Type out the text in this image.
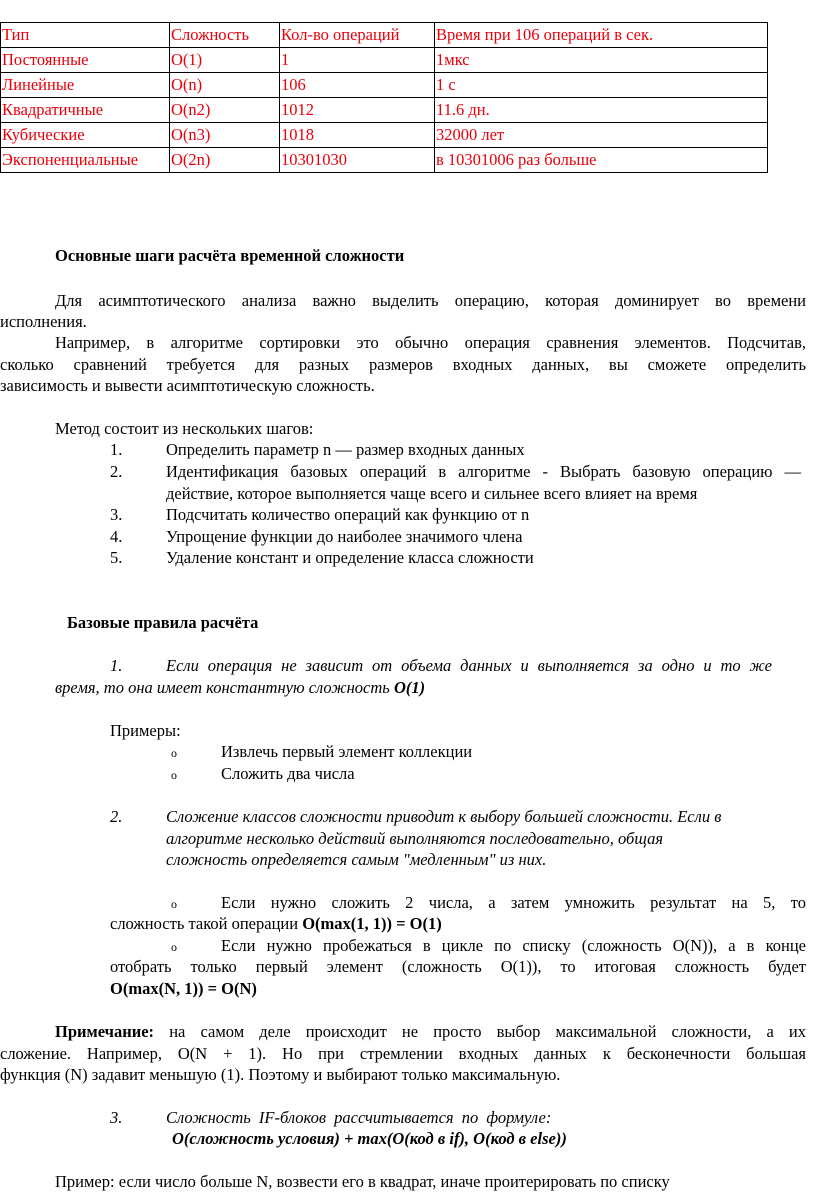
Тип	Сложность	Кол-во операций	Время при 106 операций в сек.
Постоянные	O(1)	1	1мкс
Линейные	O(n)	106	1 с
Квадратичные	O(n2)	1012	11.6 дн.
Кубические	O(n3)	1018	32000 лет
Экспоненциальные	O(2n)	10301030	в 10301006 раз больше
Основные шаги расчёта временной сложности
Для асимптотического анализа важно выделить операцию, которая доминирует во времени
исполнения.
Например, в алгоритме сортировки это обычно операция сравнения элементов. Подсчитав,
сколько сравнений требуется для разных размеров входных данных, вы сможете определить
зависимость и вывести асимптотическую сложность.
Метод состоит из нескольких шагов:
1.	Определить параметр n — размер входных данных
2.	Идентификация базовых операций в алгоритме - Выбрать базовую операцию —
действие, которое выполняется чаще всего и сильнее всего влияет на время
3.	Подсчитать количество операций как функцию от n
4.	Упрощение функции до наиболее значимого члена
5.	Удаление констант и определение класса сложности
Базовые правила расчёта
1.	Если операция не зависит от объема данных и выполняется за одно и то же
время, то она имеет константную сложность O(1)
Примеры:
o	Извлечь первый элемент коллекции
o	Сложить два числа
2.	Сложение классов сложности приводит к выбору большей сложности. Если в
алгоритме несколько действий выполняются последовательно, общая
сложность определяется самым "медленным" из них.
o	Если нужно сложить 2 числа, а затем умножить результат на 5, то
сложность такой операции O(max(1, 1)) = O(1)
o	Если нужно пробежаться в цикле по списку (сложность O(N)), а в конце
отобрать только первый элемент (сложность O(1)), то итоговая сложность будет
O(max(N, 1)) = O(N)
Примечание: на самом деле происходит не просто выбор максимальной сложности, а их
сложение. Например, O(N + 1). Но при стремлении входных данных к бесконечности большая
функция (N) задавит меньшую (1). Поэтому и выбирают только максимальную.
3.	Сложность IF-блоков рассчитывается по формуле:
O(сложность условия) + max(O(код в if), O(код в else))
Пример: если число больше N, возвести его в квадрат, иначе проитерировать по списку
